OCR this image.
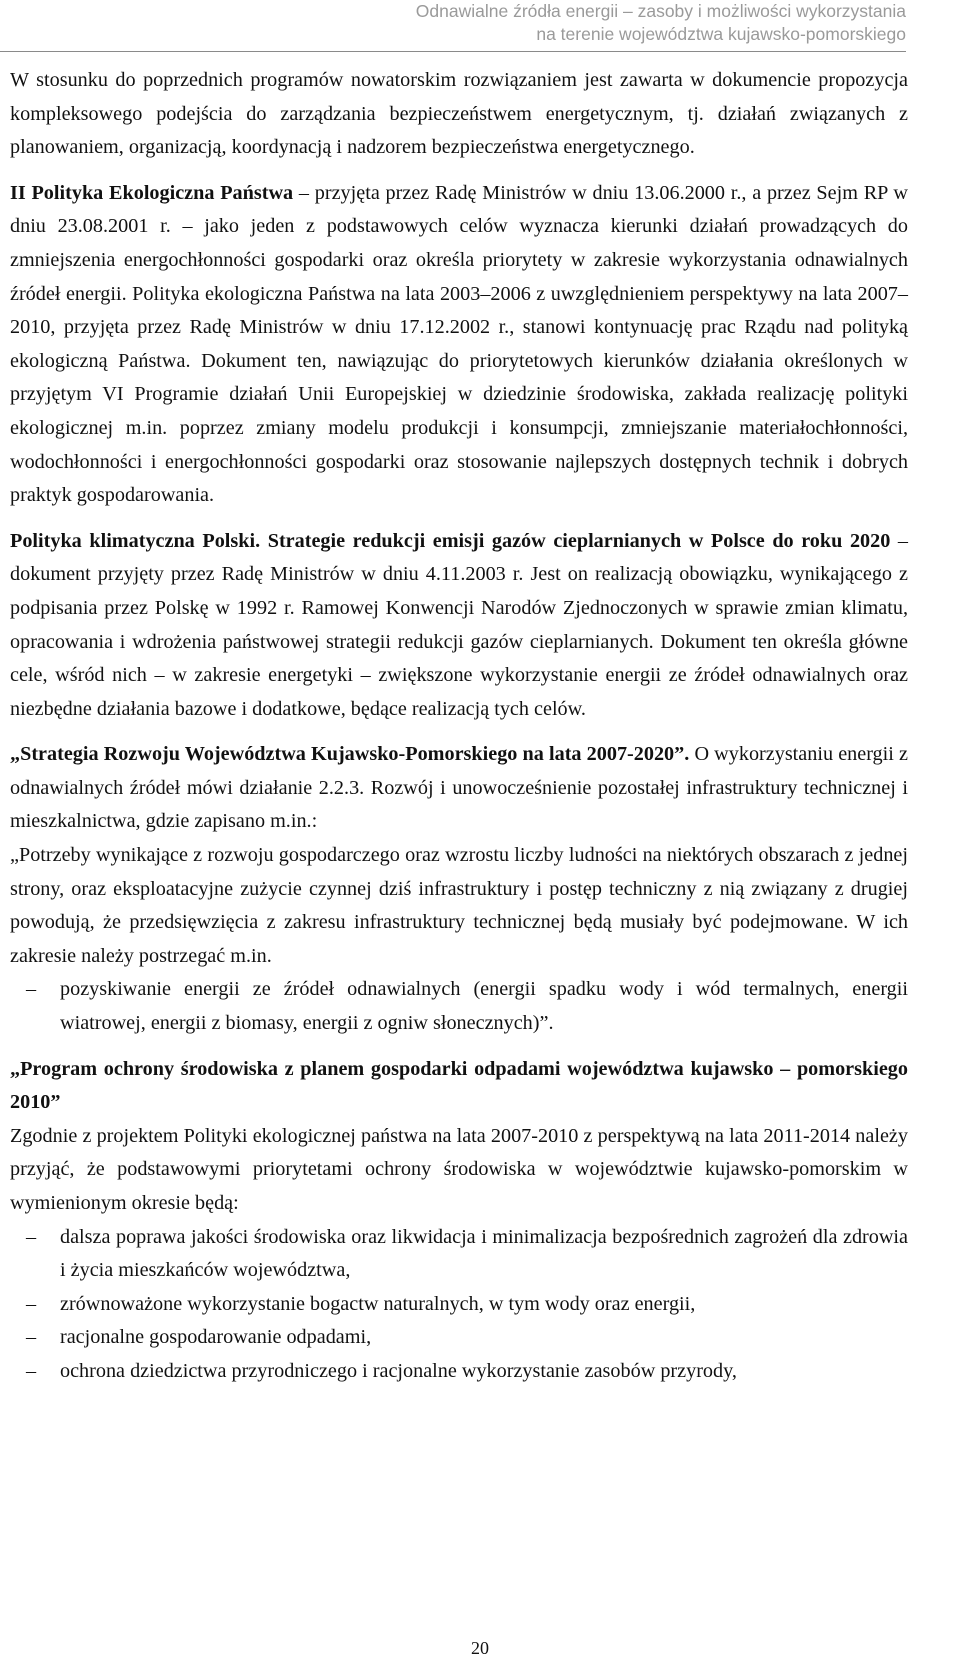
Odnawialne źródła energii – zasoby i możliwości wykorzystania
na terenie województwa kujawsko-pomorskiego

W stosunku do poprzednich programów nowatorskim rozwiązaniem jest zawarta w dokumencie propozycja kompleksowego podejścia do zarządzania bezpieczeństwem energetycznym, tj. działań związanych z planowaniem, organizacją, koordynacją i nadzorem bezpieczeństwa energetycznego.

II Polityka Ekologiczna Państwa – przyjęta przez Radę Ministrów w dniu 13.06.2000 r., a przez Sejm RP w dniu 23.08.2001 r. – jako jeden z podstawowych celów wyznacza kierunki działań prowadzących do zmniejszenia energochłonności gospodarki oraz określa priorytety w zakresie wykorzystania odnawialnych źródeł energii. Polityka ekologiczna Państwa na lata 2003–2006 z uwzględnieniem perspektywy na lata 2007–2010, przyjęta przez Radę Ministrów w dniu 17.12.2002 r., stanowi kontynuację prac Rządu nad polityką ekologiczną Państwa. Dokument ten, nawiązując do priorytetowych kierunków działania określonych w przyjętym VI Programie działań Unii Europejskiej w dziedzinie środowiska, zakłada realizację polityki ekologicznej m.in. poprzez zmiany modelu produkcji i konsumpcji, zmniejszanie materiałochłonności, wodochłonności i energochłonności gospodarki oraz stosowanie najlepszych dostępnych technik i dobrych praktyk gospodarowania.

Polityka klimatyczna Polski. Strategie redukcji emisji gazów cieplarnianych w Polsce do roku 2020 – dokument przyjęty przez Radę Ministrów w dniu 4.11.2003 r. Jest on realizacją obowiązku, wynikającego z podpisania przez Polskę w 1992 r. Ramowej Konwencji Narodów Zjednoczonych w sprawie zmian klimatu, opracowania i wdrożenia państwowej strategii redukcji gazów cieplarnianych. Dokument ten określa główne cele, wśród nich – w zakresie energetyki – zwiększone wykorzystanie energii ze źródeł odnawialnych oraz niezbędne działania bazowe i dodatkowe, będące realizacją tych celów.

„Strategia Rozwoju Województwa Kujawsko-Pomorskiego na lata 2007-2020”. O wykorzystaniu energii z odnawialnych źródeł mówi działanie 2.2.3. Rozwój i unowocześnienie pozostałej infrastruktury technicznej i mieszkalnictwa, gdzie zapisano m.in.:

„Potrzeby wynikające z rozwoju gospodarczego oraz wzrostu liczby ludności na niektórych obszarach z jednej strony, oraz eksploatacyjne zużycie czynnej dziś infrastruktury i postęp techniczny z nią związany z drugiej powodują, że przedsięwzięcia z zakresu infrastruktury technicznej będą musiały być podejmowane. W ich zakresie należy postrzegać m.in.

– pozyskiwanie energii ze źródeł odnawialnych (energii spadku wody i wód termalnych, energii wiatrowej, energii z biomasy, energii z ogniw słonecznych)”.

„Program ochrony środowiska z planem gospodarki odpadami województwa kujawsko – pomorskiego 2010”

Zgodnie z projektem Polityki ekologicznej państwa na lata 2007-2010 z perspektywą na lata 2011-2014 należy przyjąć, że podstawowymi priorytetami ochrony środowiska w województwie kujawsko-pomorskim w wymienionym okresie będą:

– dalsza poprawa jakości środowiska oraz likwidacja i minimalizacja bezpośrednich zagrożeń dla zdrowia i życia mieszkańców województwa,
– zrównoważone wykorzystanie bogactw naturalnych, w tym wody oraz energii,
– racjonalne gospodarowanie odpadami,
– ochrona dziedzictwa przyrodniczego i racjonalne wykorzystanie zasobów przyrody,
20
